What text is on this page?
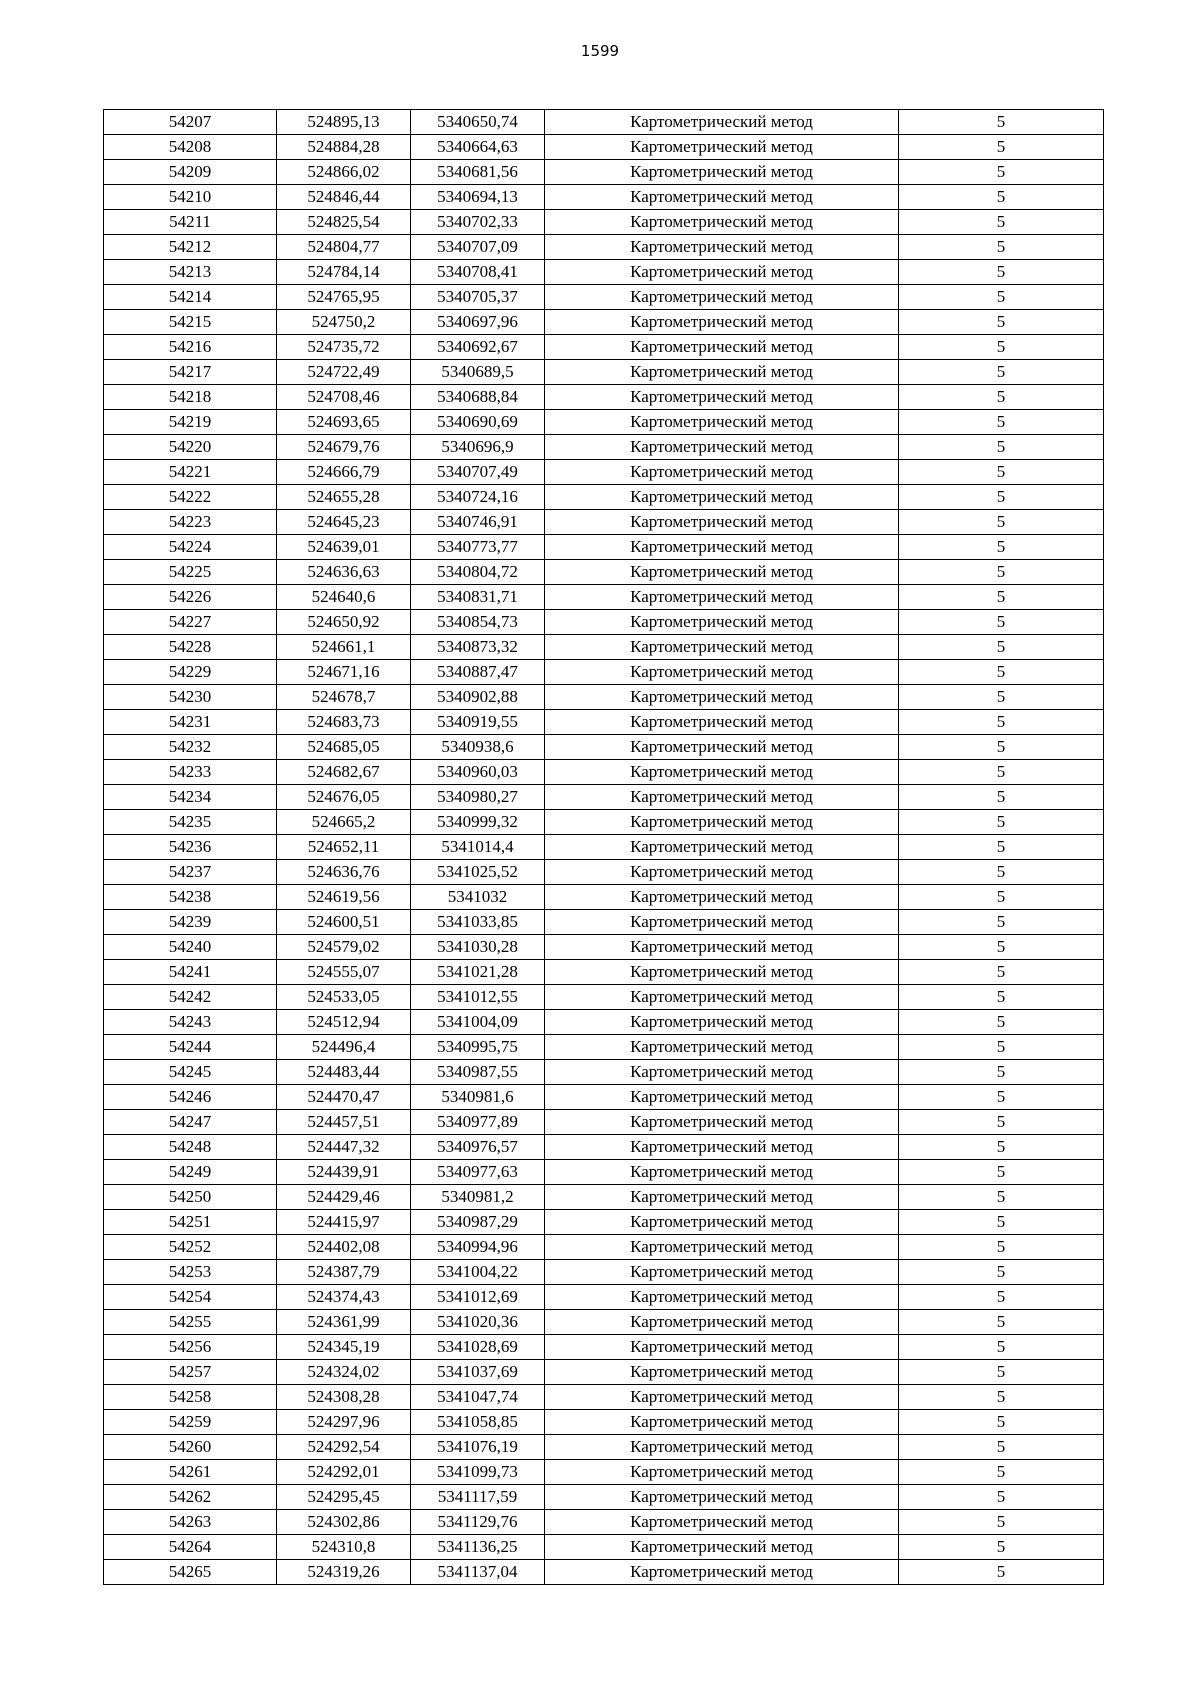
1599
54207	524895,13	5340650,74	Картометрический метод	5
54208	524884,28	5340664,63	Картометрический метод	5
54209	524866,02	5340681,56	Картометрический метод	5
54210	524846,44	5340694,13	Картометрический метод	5
54211	524825,54	5340702,33	Картометрический метод	5
54212	524804,77	5340707,09	Картометрический метод	5
54213	524784,14	5340708,41	Картометрический метод	5
54214	524765,95	5340705,37	Картометрический метод	5
54215	524750,2	5340697,96	Картометрический метод	5
54216	524735,72	5340692,67	Картометрический метод	5
54217	524722,49	5340689,5	Картометрический метод	5
54218	524708,46	5340688,84	Картометрический метод	5
54219	524693,65	5340690,69	Картометрический метод	5
54220	524679,76	5340696,9	Картометрический метод	5
54221	524666,79	5340707,49	Картометрический метод	5
54222	524655,28	5340724,16	Картометрический метод	5
54223	524645,23	5340746,91	Картометрический метод	5
54224	524639,01	5340773,77	Картометрический метод	5
54225	524636,63	5340804,72	Картометрический метод	5
54226	524640,6	5340831,71	Картометрический метод	5
54227	524650,92	5340854,73	Картометрический метод	5
54228	524661,1	5340873,32	Картометрический метод	5
54229	524671,16	5340887,47	Картометрический метод	5
54230	524678,7	5340902,88	Картометрический метод	5
54231	524683,73	5340919,55	Картометрический метод	5
54232	524685,05	5340938,6	Картометрический метод	5
54233	524682,67	5340960,03	Картометрический метод	5
54234	524676,05	5340980,27	Картометрический метод	5
54235	524665,2	5340999,32	Картометрический метод	5
54236	524652,11	5341014,4	Картометрический метод	5
54237	524636,76	5341025,52	Картометрический метод	5
54238	524619,56	5341032	Картометрический метод	5
54239	524600,51	5341033,85	Картометрический метод	5
54240	524579,02	5341030,28	Картометрический метод	5
54241	524555,07	5341021,28	Картометрический метод	5
54242	524533,05	5341012,55	Картометрический метод	5
54243	524512,94	5341004,09	Картометрический метод	5
54244	524496,4	5340995,75	Картометрический метод	5
54245	524483,44	5340987,55	Картометрический метод	5
54246	524470,47	5340981,6	Картометрический метод	5
54247	524457,51	5340977,89	Картометрический метод	5
54248	524447,32	5340976,57	Картометрический метод	5
54249	524439,91	5340977,63	Картометрический метод	5
54250	524429,46	5340981,2	Картометрический метод	5
54251	524415,97	5340987,29	Картометрический метод	5
54252	524402,08	5340994,96	Картометрический метод	5
54253	524387,79	5341004,22	Картометрический метод	5
54254	524374,43	5341012,69	Картометрический метод	5
54255	524361,99	5341020,36	Картометрический метод	5
54256	524345,19	5341028,69	Картометрический метод	5
54257	524324,02	5341037,69	Картометрический метод	5
54258	524308,28	5341047,74	Картометрический метод	5
54259	524297,96	5341058,85	Картометрический метод	5
54260	524292,54	5341076,19	Картометрический метод	5
54261	524292,01	5341099,73	Картометрический метод	5
54262	524295,45	5341117,59	Картометрический метод	5
54263	524302,86	5341129,76	Картометрический метод	5
54264	524310,8	5341136,25	Картометрический метод	5
54265	524319,26	5341137,04	Картометрический метод	5
